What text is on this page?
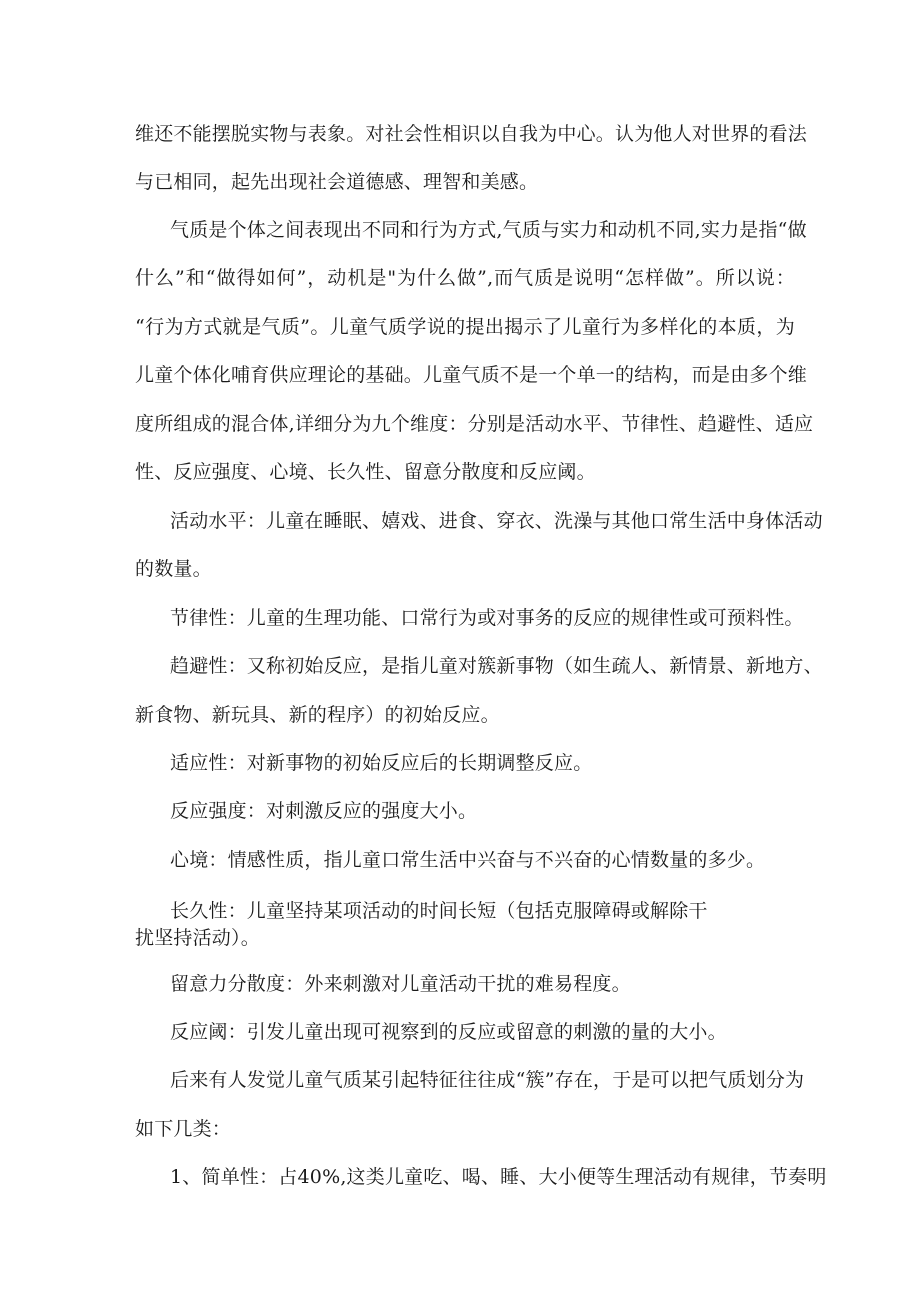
维还不能摆脱实物与表象。对社会性相识以自我为中心。认为他人对世界的看法
与已相同，起先出现社会道德感、理智和美感。
气质是个体之间表现出不同和行为方式,气质与实力和动机不同,实力是指“做
什么”和“做得如何”，动机是"为什么做”,而气质是说明“怎样做”。所以说：
“行为方式就是气质”。儿童气质学说的提出揭示了儿童行为多样化的本质，为
儿童个体化哺育供应理论的基础。儿童气质不是一个单一的结构，而是由多个维
度所组成的混合体,详细分为九个维度：分别是活动水平、节律性、趋避性、适应
性、反应强度、心境、长久性、留意分散度和反应阈。
活动水平：儿童在睡眠、嬉戏、进食、穿衣、洗澡与其他口常生活中身体活动
的数量。
节律性：儿童的生理功能、口常行为或对事务的反应的规律性或可预料性。
趋避性：又称初始反应，是指儿童对簇新事物（如生疏人、新情景、新地方、
新食物、新玩具、新的程序）的初始反应。
适应性：对新事物的初始反应后的长期调整反应。
反应强度：对刺激反应的强度大小。
心境：情感性质，指儿童口常生活中兴奋与不兴奋的心情数量的多少。
长久性：儿童坚持某项活动的时间长短（包括克服障碍或解除干
扰坚持活动）。
留意力分散度：外来刺激对儿童活动干扰的难易程度。
反应阈：引发儿童出现可视察到的反应或留意的刺激的量的大小。
后来有人发觉儿童气质某引起特征往往成“簇”存在，于是可以把气质划分为
如下几类：
1、简单性：占40%,这类儿童吃、喝、睡、大小便等生理活动有规律，节奏明
